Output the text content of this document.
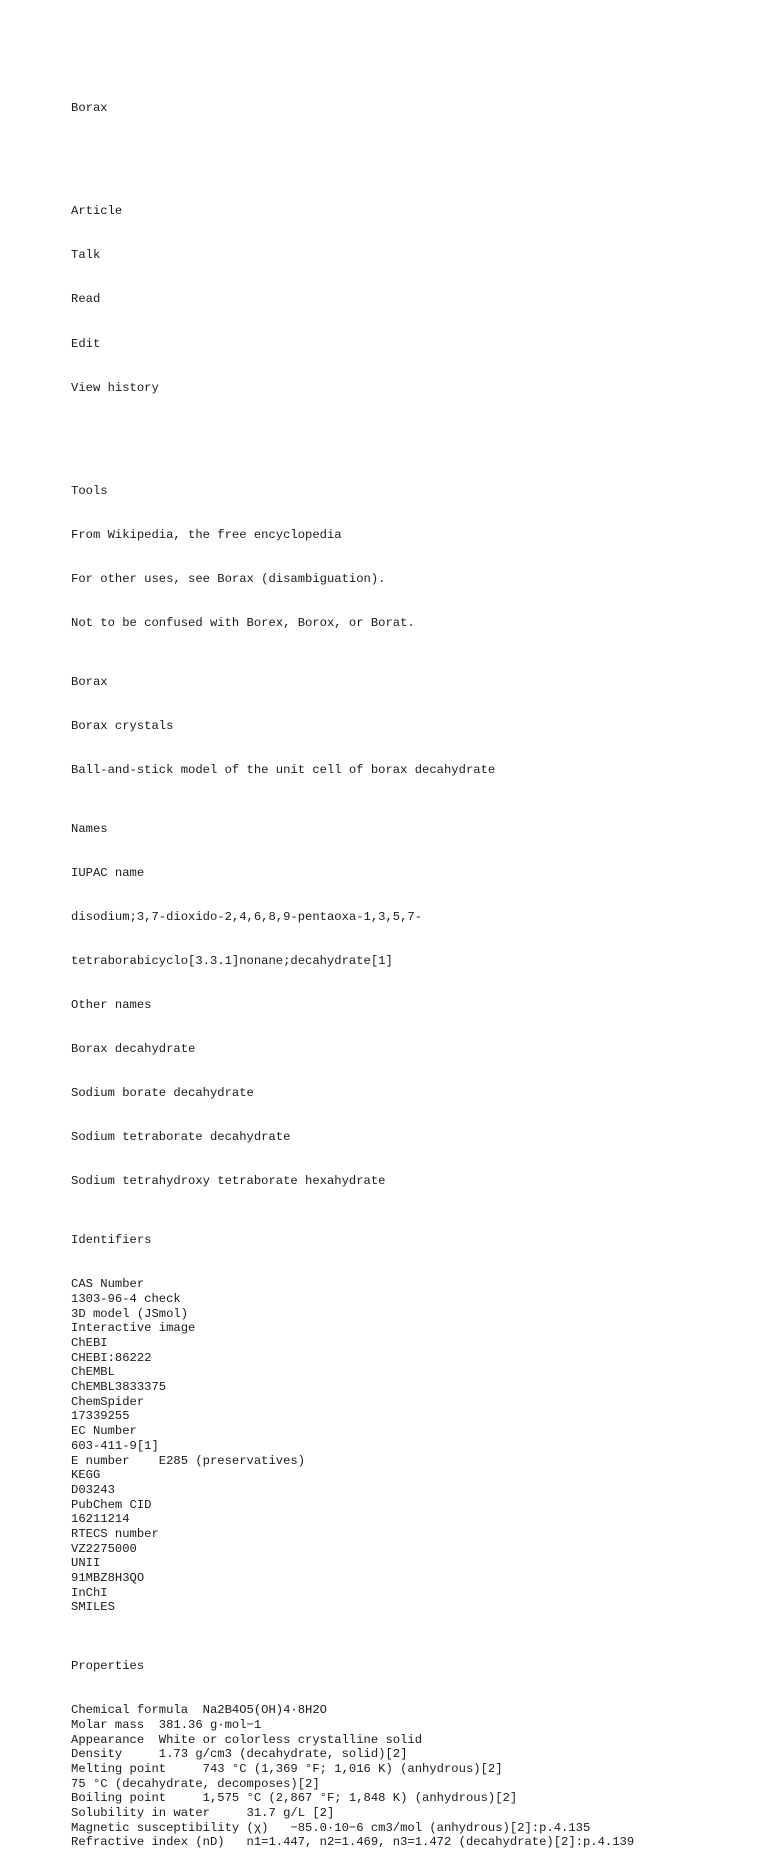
Borax

Article

Talk

Read

Edit

View history

Tools

From Wikipedia, the free encyclopedia

For other uses, see Borax (disambiguation).

Not to be confused with Borex, Borox, or Borat.

Borax

Borax crystals

Ball-and-stick model of the unit cell of borax decahydrate

Names

IUPAC name

disodium;3,7-dioxido-2,4,6,8,9-pentaoxa-1,3,5,7-

tetraborabicyclo[3.3.1]nonane;decahydrate[1]

Other names

Borax decahydrate

Sodium borate decahydrate

Sodium tetraborate decahydrate

Sodium tetrahydroxy tetraborate hexahydrate

Identifiers

CAS Number
1303-96-4 check
3D model (JSmol)
Interactive image
ChEBI
CHEBI:86222
ChEMBL
ChEMBL3833375
ChemSpider
17339255
EC Number
603-411-9[1]
E number    E285 (preservatives)
KEGG
D03243
PubChem CID
16211214
RTECS number
VZ2275000
UNII
91MBZ8H3QO
InChI
SMILES

Properties

Chemical formula  Na2B4O5(OH)4·8H2O
Molar mass  381.36 g·mol−1
Appearance  White or colorless crystalline solid
Density     1.73 g/cm3 (decahydrate, solid)[2]
Melting point     743 °C (1,369 °F; 1,016 K) (anhydrous)[2]
75 °C (decahydrate, decomposes)[2]
Boiling point     1,575 °C (2,867 °F; 1,848 K) (anhydrous)[2]
Solubility in water     31.7 g/L [2]
Magnetic susceptibility (χ)   −85.0·10−6 cm3/mol (anhydrous)[2]:p.4.135
Refractive index (nD)   n1=1.447, n2=1.469, n3=1.472 (decahydrate)[2]:p.4.139
